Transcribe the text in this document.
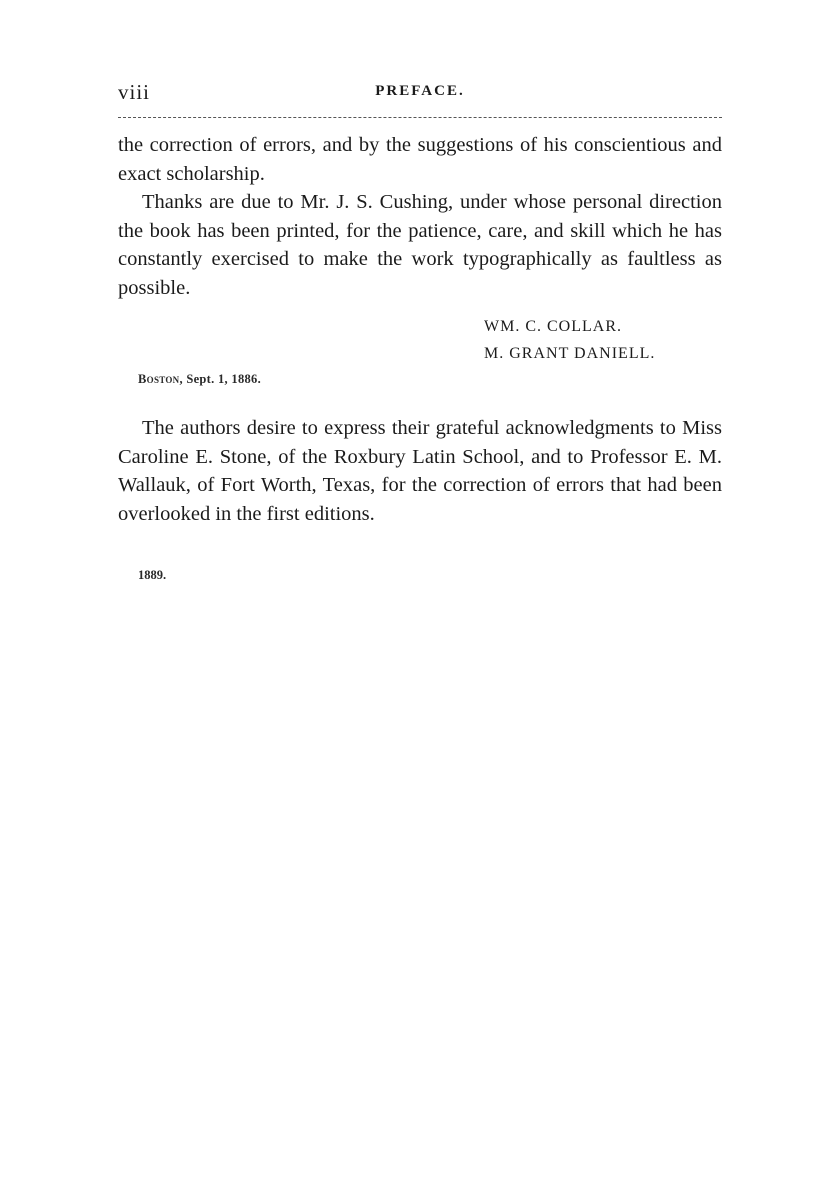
viii	PREFACE.

the correction of errors, and by the suggestions of his conscientious and exact scholarship.

Thanks are due to Mr. J. S. Cushing, under whose personal direction the book has been printed, for the patience, care, and skill which he has constantly exercised to make the work typographically as faultless as possible.

WM. C. COLLAR.
M. GRANT DANIELL.
Boston, Sept. 1, 1886.

The authors desire to express their grateful acknowledgments to Miss Caroline E. Stone, of the Roxbury Latin School, and to Professor E. M. Wallauk, of Fort Worth, Texas, for the correction of errors that had been overlooked in the first editions.

1889.
